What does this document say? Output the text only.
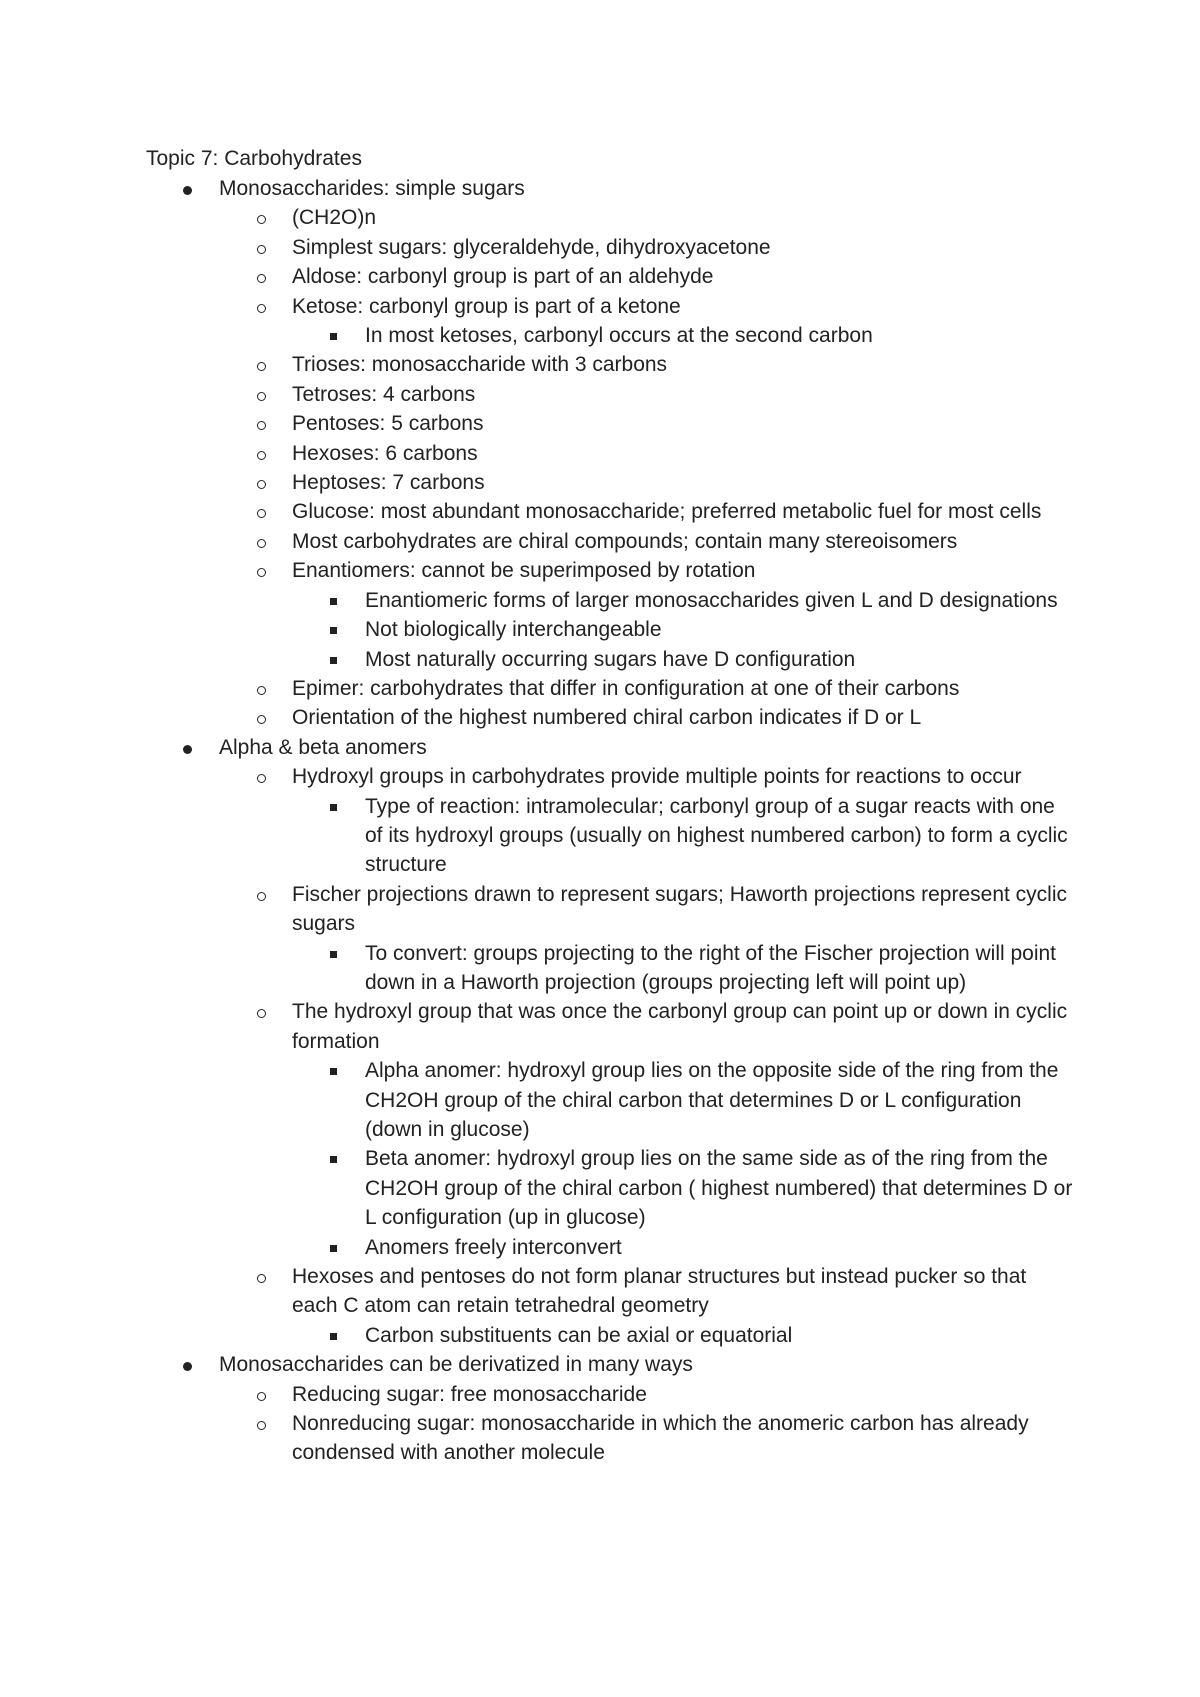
Topic 7: Carbohydrates
Monosaccharides: simple sugars
(CH2O)n
Simplest sugars: glyceraldehyde, dihydroxyacetone
Aldose: carbonyl group is part of an aldehyde
Ketose: carbonyl group is part of a ketone
In most ketoses, carbonyl occurs at the second carbon
Trioses: monosaccharide with 3 carbons
Tetroses: 4 carbons
Pentoses: 5 carbons
Hexoses: 6 carbons
Heptoses: 7 carbons
Glucose: most abundant monosaccharide; preferred metabolic fuel for most cells
Most carbohydrates are chiral compounds; contain many stereoisomers
Enantiomers: cannot be superimposed by rotation
Enantiomeric forms of larger monosaccharides given L and D designations
Not biologically interchangeable
Most naturally occurring sugars have D configuration
Epimer: carbohydrates that differ in configuration at one of their carbons
Orientation of the highest numbered chiral carbon indicates if D or L
Alpha & beta anomers
Hydroxyl groups in carbohydrates provide multiple points for reactions to occur
Type of reaction: intramolecular; carbonyl group of a sugar reacts with one of its hydroxyl groups (usually on highest numbered carbon) to form a cyclic structure
Fischer projections drawn to represent sugars; Haworth projections represent cyclic sugars
To convert: groups projecting to the right of the Fischer projection will point down in a Haworth projection (groups projecting left will point up)
The hydroxyl group that was once the carbonyl group can point up or down in cyclic formation
Alpha anomer: hydroxyl group lies on the opposite side of the ring from the CH2OH group of the chiral carbon that determines D or L configuration (down in glucose)
Beta anomer: hydroxyl group lies on the same side as of the ring from the CH2OH group of the chiral carbon ( highest numbered) that determines D or L configuration (up in glucose)
Anomers freely interconvert
Hexoses and pentoses do not form planar structures but instead pucker so that each C atom can retain tetrahedral geometry
Carbon substituents can be axial or equatorial
Monosaccharides can be derivatized in many ways
Reducing sugar: free monosaccharide
Nonreducing sugar: monosaccharide in which the anomeric carbon has already condensed with another molecule
